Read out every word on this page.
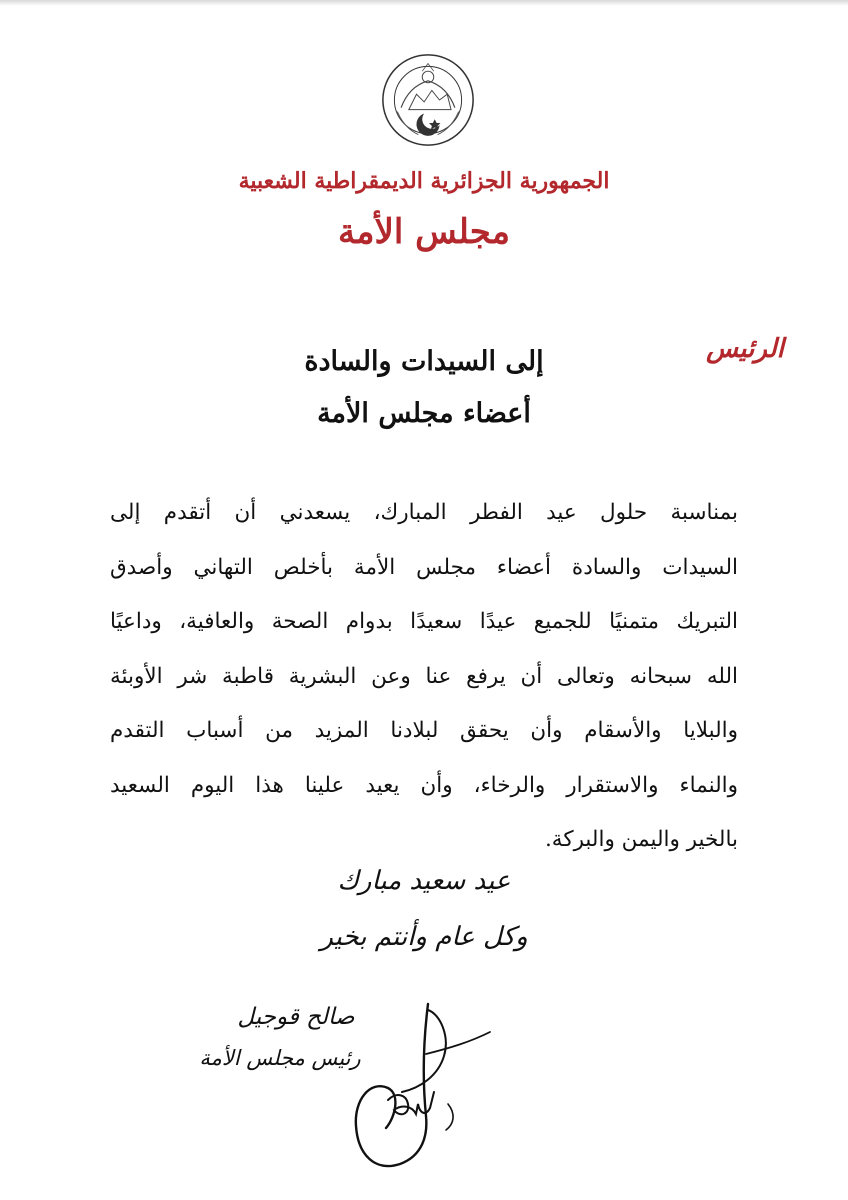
الجمهورية الجزائرية الديمقراطية الشعبية
مجلس الأمة
الرئيس
إلى السيدات والسادة
أعضاء مجلس الأمة
بمناسبة حلول عيد الفطر المبارك، يسعدني أن أتقدم إلى
السيدات والسادة أعضاء مجلس الأمة بأخلص التهاني وأصدق
التبريك متمنيًا للجميع عيدًا سعيدًا بدوام الصحة والعافية، وداعيًا
الله سبحانه وتعالى أن يرفع عنا وعن البشرية قاطبة شر الأوبئة
والبلايا والأسقام وأن يحقق لبلادنا المزيد من أسباب التقدم
والنماء والاستقرار والرخاء، وأن يعيد علينا هذا اليوم السعيد
بالخير واليمن والبركة.
عيد سعيد مبارك
وكل عام وأنتم بخير
صالح قوجيل
رئيس مجلس الأمة
